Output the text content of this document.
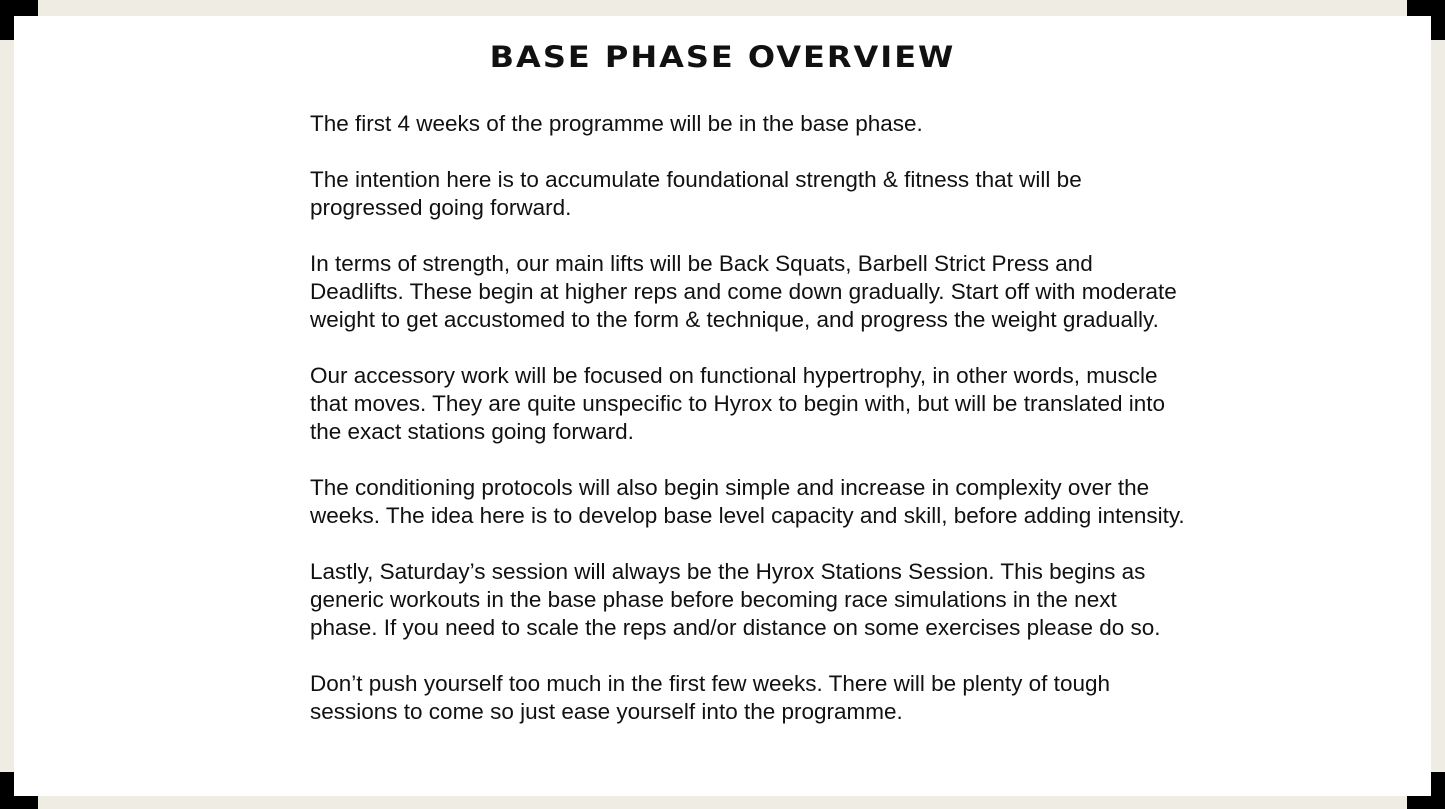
BASE PHASE OVERVIEW

The first 4 weeks of the programme will be in the base phase.

The intention here is to accumulate foundational strength & fitness that will be progressed going forward.

In terms of strength, our main lifts will be Back Squats, Barbell Strict Press and Deadlifts. These begin at higher reps and come down gradually. Start off with moderate weight to get accustomed to the form & technique, and progress the weight gradually.

Our accessory work will be focused on functional hypertrophy, in other words, muscle that moves. They are quite unspecific to Hyrox to begin with, but will be translated into the exact stations going forward.

The conditioning protocols will also begin simple and increase in complexity over the weeks. The idea here is to develop base level capacity and skill, before adding intensity.

Lastly, Saturday’s session will always be the Hyrox Stations Session. This begins as generic workouts in the base phase before becoming race simulations in the next phase. If you need to scale the reps and/or distance on some exercises please do so.

Don’t push yourself too much in the first few weeks. There will be plenty of tough sessions to come so just ease yourself into the programme.
